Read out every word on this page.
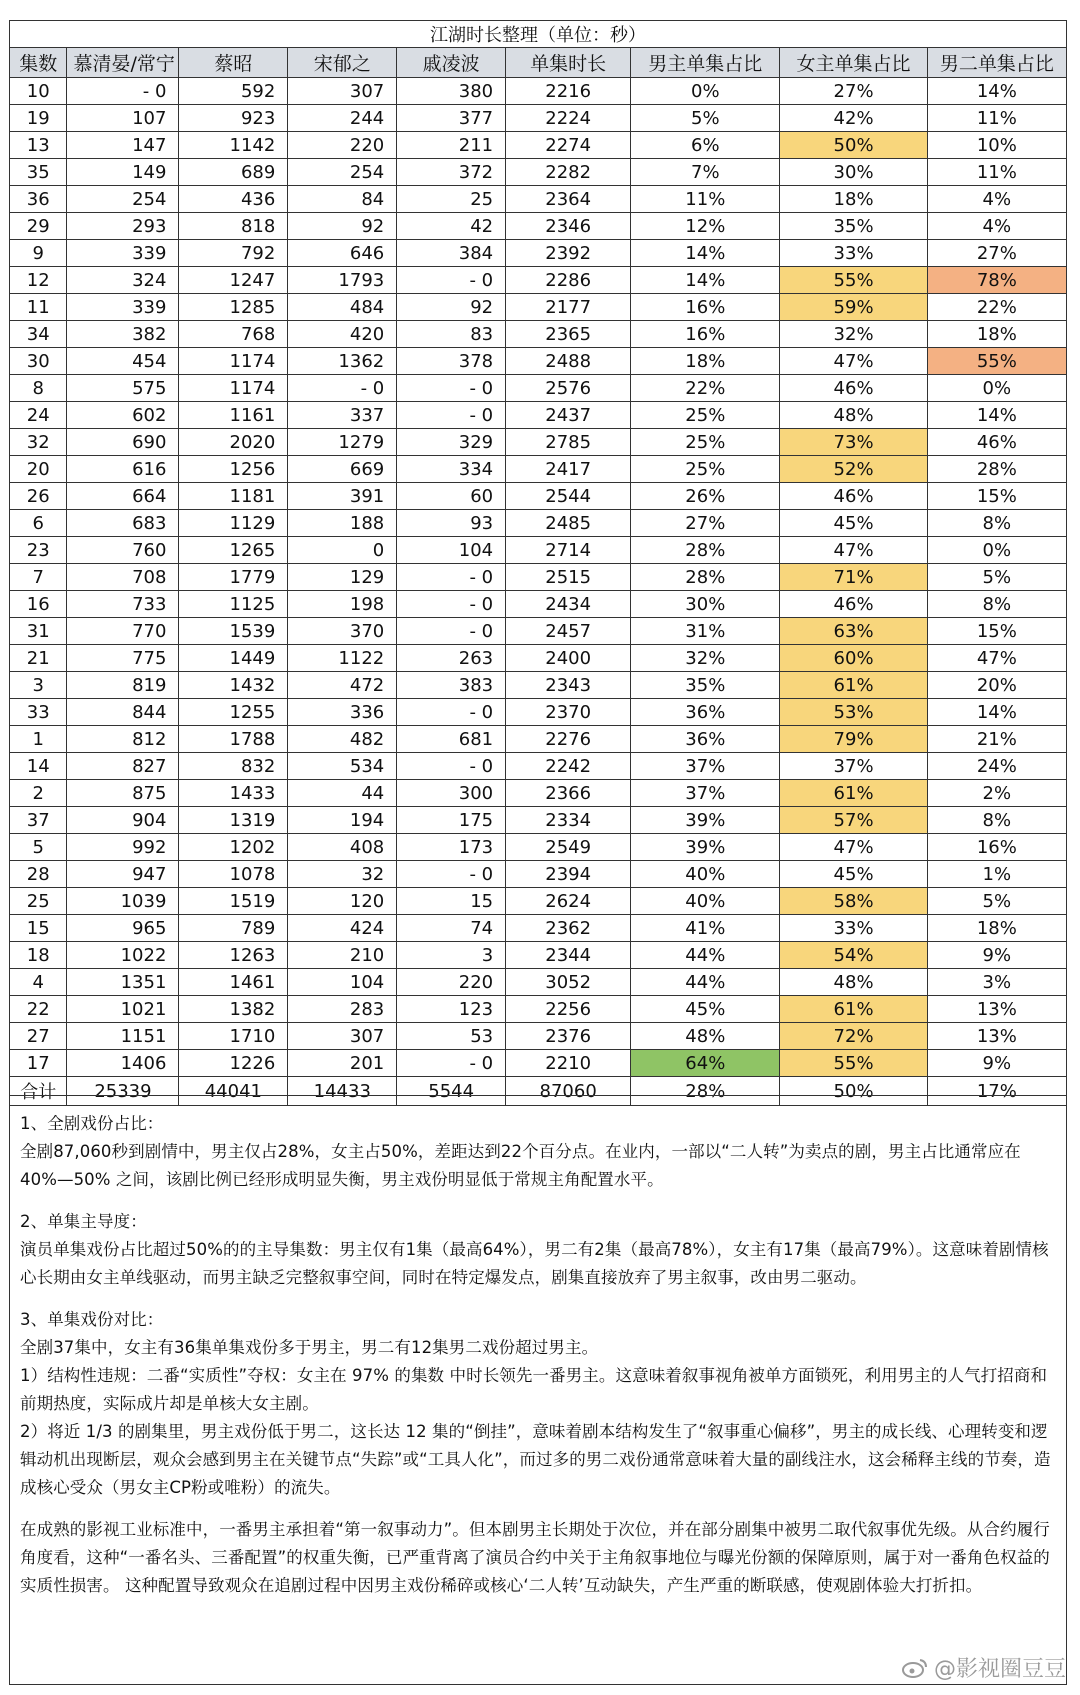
江湖时长整理（单位：秒）								
集数	慕清晏/常宁	蔡昭	宋郁之	戚凌波	单集时长	男主单集占比	女主单集占比	男二单集占比
10	- 0	592	307	380	2216	0%	27%	14%
19	107	923	244	377	2224	5%	42%	11%
13	147	1142	220	211	2274	6%	50%	10%
35	149	689	254	372	2282	7%	30%	11%
36	254	436	84	25	2364	11%	18%	4%
29	293	818	92	42	2346	12%	35%	4%
9	339	792	646	384	2392	14%	33%	27%
12	324	1247	1793	- 0	2286	14%	55%	78%
11	339	1285	484	92	2177	16%	59%	22%
34	382	768	420	83	2365	16%	32%	18%
30	454	1174	1362	378	2488	18%	47%	55%
8	575	1174	- 0	- 0	2576	22%	46%	0%
24	602	1161	337	- 0	2437	25%	48%	14%
32	690	2020	1279	329	2785	25%	73%	46%
20	616	1256	669	334	2417	25%	52%	28%
26	664	1181	391	60	2544	26%	46%	15%
6	683	1129	188	93	2485	27%	45%	8%
23	760	1265	0	104	2714	28%	47%	0%
7	708	1779	129	- 0	2515	28%	71%	5%
16	733	1125	198	- 0	2434	30%	46%	8%
31	770	1539	370	- 0	2457	31%	63%	15%
21	775	1449	1122	263	2400	32%	60%	47%
3	819	1432	472	383	2343	35%	61%	20%
33	844	1255	336	- 0	2370	36%	53%	14%
1	812	1788	482	681	2276	36%	79%	21%
14	827	832	534	- 0	2242	37%	37%	24%
2	875	1433	44	300	2366	37%	61%	2%
37	904	1319	194	175	2334	39%	57%	8%
5	992	1202	408	173	2549	39%	47%	16%
28	947	1078	32	- 0	2394	40%	45%	1%
25	1039	1519	120	15	2624	40%	58%	5%
15	965	789	424	74	2362	41%	33%	18%
18	1022	1263	210	3	2344	44%	54%	9%
4	1351	1461	104	220	3052	44%	48%	3%
22	1021	1382	283	123	2256	45%	61%	13%
27	1151	1710	307	53	2376	48%	72%	13%
17	1406	1226	201	- 0	2210	64%	55%	9%
合计	25339	44041	14433	5544	87060	28%	50%	17%

1、全剧戏份占比：

全剧87,060秒到剧情中，男主仅占28%，女主占50%，差距达到22个百分点。在业内，一部以“二人转”为卖点的剧，男主占比通常应在 40%—50% 之间，该剧比例已经形成明显失衡，男主戏份明显低于常规主角配置水平。

2、单集主导度：

演员单集戏份占比超过50%的的主导集数：男主仅有1集（最高64%），男二有2集（最高78%），女主有17集（最高79%）。这意味着剧情核心长期由女主单线驱动，而男主缺乏完整叙事空间，同时在特定爆发点，剧集直接放弃了男主叙事，改由男二驱动。

3、单集戏份对比：

全剧37集中，女主有36集单集戏份多于男主，男二有12集男二戏份超过男主。

1）结构性违规：二番“实质性”夺权：女主在 97% 的集数 中时长领先一番男主。这意味着叙事视角被单方面锁死，利用男主的人气打招商和前期热度，实际成片却是单核大女主剧。

2）将近 1/3 的剧集里，男主戏份低于男二，这长达 12 集的“倒挂”，意味着剧本结构发生了“叙事重心偏移”，男主的成长线、心理转变和逻辑动机出现断层，观众会感到男主在关键节点“失踪”或“工具人化”，而过多的男二戏份通常意味着大量的副线注水，这会稀释主线的节奏，造成核心受众（男女主CP粉或唯粉）的流失。

在成熟的影视工业标准中，一番男主承担着“第一叙事动力”。但本剧男主长期处于次位，并在部分剧集中被男二取代叙事优先级。从合约履行角度看，这种“一番名头、三番配置”的权重失衡，已严重背离了演员合约中关于主角叙事地位与曝光份额的保障原则，属于对一番角色权益的实质性损害。 这种配置导致观众在追剧过程中因男主戏份稀碎或核心‘二人转’互动缺失，产生严重的断联感，使观剧体验大打折扣。

@影视圈豆豆
